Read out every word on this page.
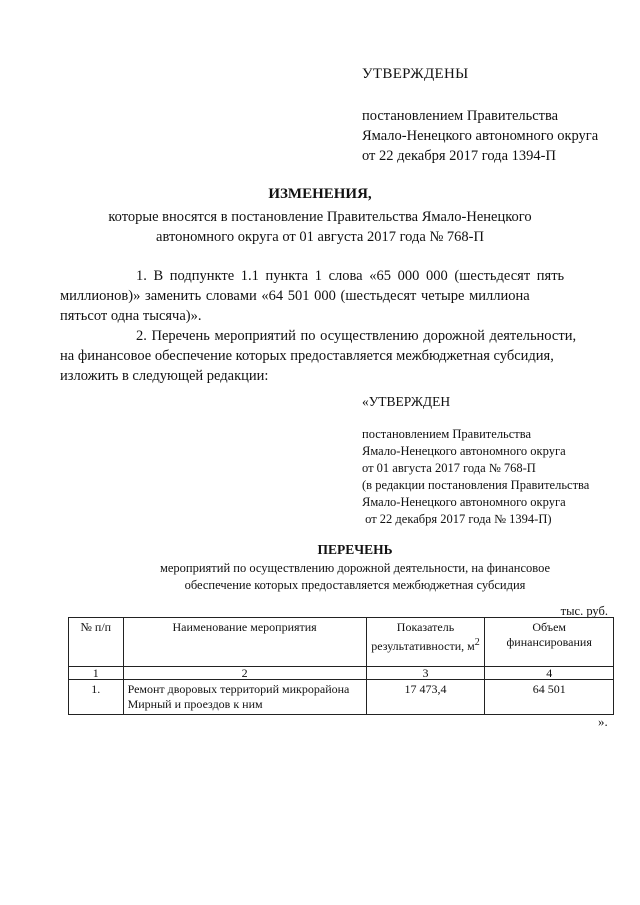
УТВЕРЖДЕНЫ
постановлением Правительства
Ямало-Ненецкого автономного округа
от 22 декабря 2017 года 1394-П
ИЗМЕНЕНИЯ,
которые вносятся в постановление Правительства Ямало-Ненецкого
автономного округа от 01 августа 2017 года № 768-П
1. В подпункте 1.1 пункта 1 слова «65 000 000 (шестьдесят пять
миллионов)» заменить словами «64 501 000 (шестьдесят четыре миллиона
пятьсот одна тысяча)».
2. Перечень мероприятий по осуществлению дорожной деятельности,
на финансовое обеспечение которых предоставляется межбюджетная субсидия,
изложить в следующей редакции:
«УТВЕРЖДЕН
постановлением Правительства
Ямало-Ненецкого автономного округа
от 01 августа 2017 года № 768-П
(в редакции постановления Правительства
Ямало-Ненецкого автономного округа
от 22 декабря 2017 года № 1394-П)
ПЕРЕЧЕНЬ
мероприятий по осуществлению дорожной деятельности, на финансовое
обеспечение которых предоставляется межбюджетная субсидия
тыс. руб.
№ п/п	Наименование мероприятия	Показатель результативности, $м^2$	Объем финансирования
1	2	3	4
1.	Ремонт дворовых территорий микрорайона Мирный и проездов к ним	17 473,4	64 501
».
